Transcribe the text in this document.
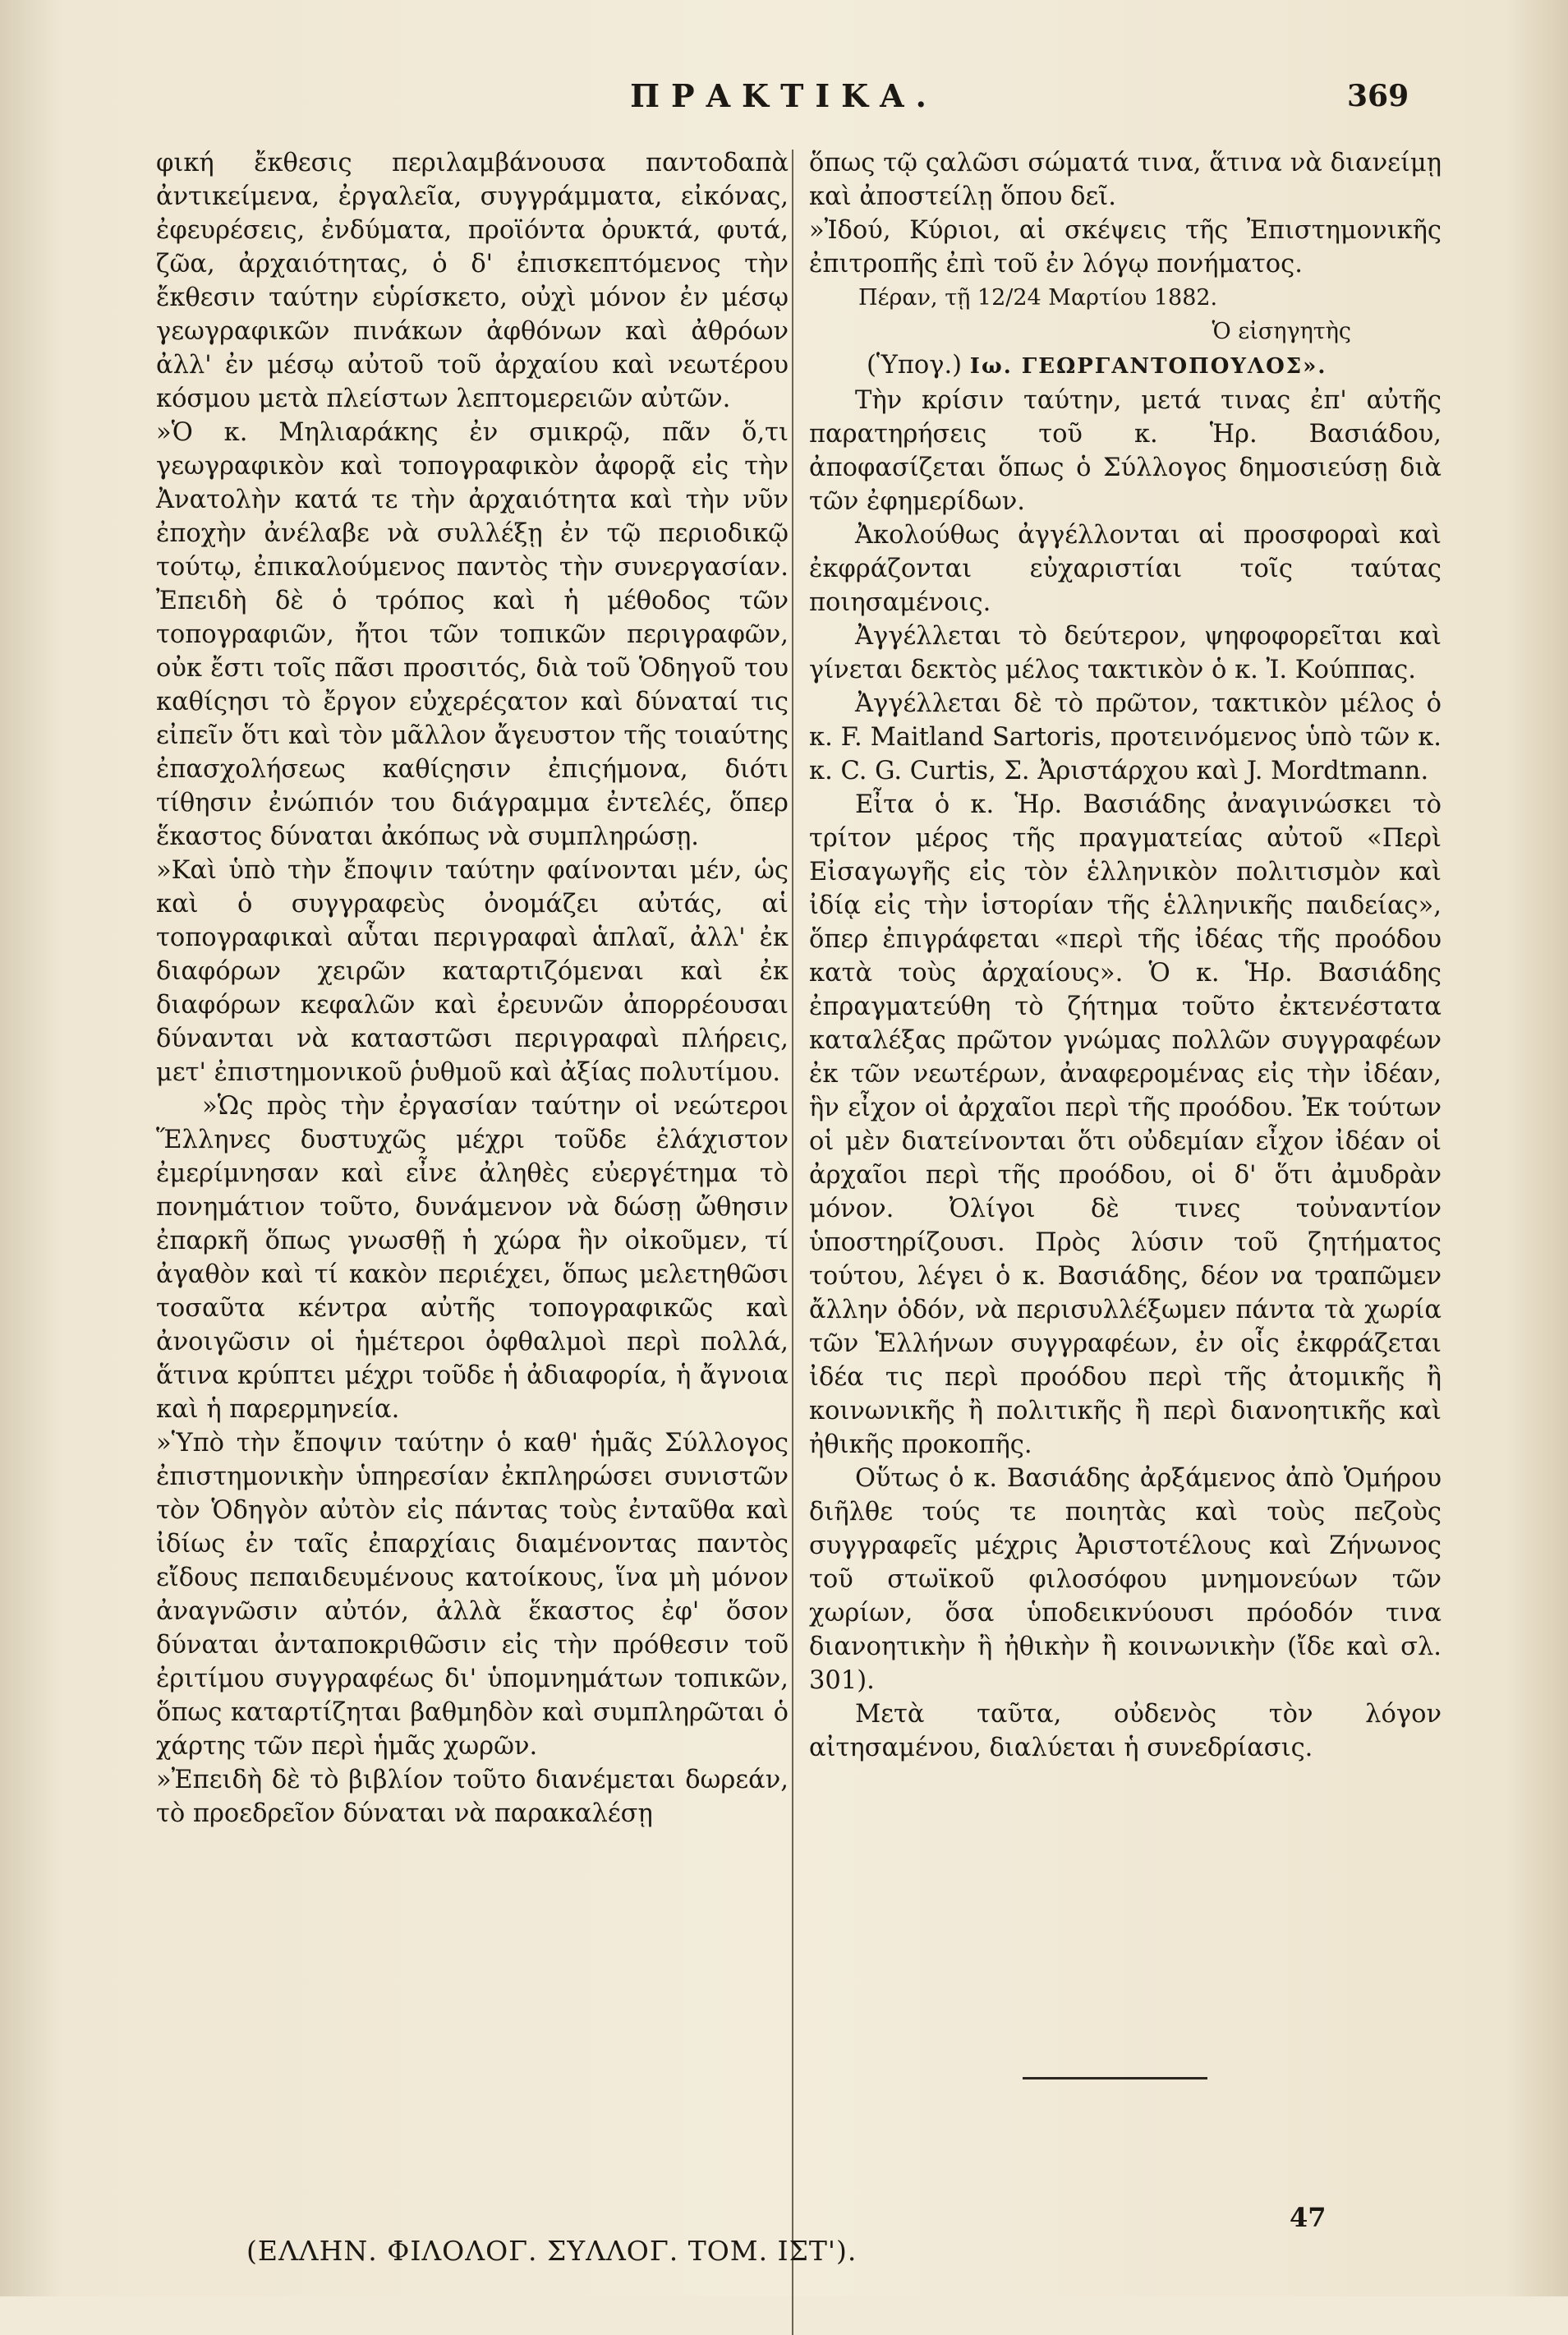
ΠΡΑΚΤΙΚΑ.	369

φική ἔκθεσις περιλαμβάνουσα παντοδαπὰ ἀντικείμενα, ἐργαλεῖα, συγγράμματα, εἰκόνας, ἐφευρέσεις, ἐνδύματα, προϊόντα ὀρυκτά, φυτά, ζῶα, ἀρχαιότητας, ὁ δ' ἐπισκεπτόμενος τὴν ἔκθεσιν ταύτην εὑρίσκετο, οὐχὶ μόνον ἐν μέσῳ γεωγραφικῶν πινάκων ἀφθόνων καὶ ἀθρόων ἀλλ' ἐν μέσῳ αὐτοῦ τοῦ ἀρχαίου καὶ νεωτέρου κόσμου μετὰ πλείστων λεπτομερειῶν αὐτῶν.

»Ὁ κ. Μηλιαράκης ἐν σμικρῷ, πᾶν ὅ,τι γεωγραφικὸν καὶ τοπογραφικὸν ἀφορᾷ εἰς τὴν Ἀνατολὴν κατά τε τὴν ἀρχαιότητα καὶ τὴν νῦν ἐποχὴν ἀνέλαβε νὰ συλλέξῃ ἐν τῷ περιοδικῷ τούτῳ, ἐπικαλούμενος παντὸς τὴν συνεργασίαν. Ἐπειδὴ δὲ ὁ τρόπος καὶ ἡ μέθοδος τῶν τοπογραφιῶν, ἤτοι τῶν τοπικῶν περιγραφῶν, οὐκ ἔστι τοῖς πᾶσι προσιτός, διὰ τοῦ Ὁδηγοῦ του καθίςησι τὸ ἔργον εὐχερέςατον καὶ δύναταί τις εἰπεῖν ὅτι καὶ τὸν μᾶλλον ἄγευστον τῆς τοιαύτης ἐπασχολήσεως καθίςησιν ἐπιςήμονα, διότι τίθησιν ἐνώπιόν του διάγραμμα ἐντελές, ὅπερ ἕκαστος δύναται ἀκόπως νὰ συμπληρώσῃ.

»Καὶ ὑπὸ τὴν ἔποψιν ταύτην φαίνονται μέν, ὡς καὶ ὁ συγγραφεὺς ὀνομάζει αὐτάς, αἱ τοπογραφικαὶ αὗται περιγραφαὶ ἁπλαῖ, ἀλλ' ἐκ διαφόρων χειρῶν καταρτιζόμεναι καὶ ἐκ διαφόρων κεφαλῶν καὶ ἐρευνῶν ἀπορρέουσαι δύνανται νὰ καταστῶσι περιγραφαὶ πλήρεις, μετ' ἐπιστημονικοῦ ῥυθμοῦ καὶ ἀξίας πολυτίμου.

»Ὡς πρὸς τὴν ἐργασίαν ταύτην οἱ νεώτεροι Ἕλληνες δυστυχῶς μέχρι τοῦδε ἐλάχιστον ἐμερίμνησαν καὶ εἶνε ἀληθὲς εὐεργέτημα τὸ πονημάτιον τοῦτο, δυνάμενον νὰ δώσῃ ὤθησιν ἐπαρκῆ ὅπως γνωσθῇ ἡ χώρα ἣν οἰκοῦμεν, τί ἀγαθὸν καὶ τί κακὸν περιέχει, ὅπως μελετηθῶσι τοσαῦτα κέντρα αὐτῆς τοπογραφικῶς καὶ ἀνοιγῶσιν οἱ ἡμέτεροι ὀφθαλμοὶ περὶ πολλά, ἅτινα κρύπτει μέχρι τοῦδε ἡ ἀδιαφορία, ἡ ἄγνοια καὶ ἡ παρερμηνεία.

»Ὑπὸ τὴν ἔποψιν ταύτην ὁ καθ' ἡμᾶς Σύλλογος ἐπιστημονικὴν ὑπηρεσίαν ἐκπληρώσει συνιστῶν τὸν Ὁδηγὸν αὐτὸν εἰς πάντας τοὺς ἐνταῦθα καὶ ἰδίως ἐν ταῖς ἐπαρχίαις διαμένοντας παντὸς εἴδους πεπαιδευμένους κατοίκους, ἵνα μὴ μόνον ἀναγνῶσιν αὐτόν, ἀλλὰ ἕκαστος ἐφ' ὅσον δύναται ἀνταποκριθῶσιν εἰς τὴν πρόθεσιν τοῦ ἐριτίμου συγγραφέως δι' ὑπομνημάτων τοπικῶν, ὅπως καταρτίζηται βαθμηδὸν καὶ συμπληρῶται ὁ χάρτης τῶν περὶ ἡμᾶς χωρῶν.

»Ἐπειδὴ δὲ τὸ βιβλίον τοῦτο διανέμεται δωρεάν, τὸ προεδρεῖον δύναται νὰ παρακαλέσῃ

ὅπως τῷ ςαλῶσι σώματά τινα, ἅτινα νὰ διανείμῃ καὶ ἀποστείλῃ ὅπου δεῖ.

»Ἰδού, Κύριοι, αἱ σκέψεις τῆς Ἐπιστημονικῆς ἐπιτροπῆς ἐπὶ τοῦ ἐν λόγῳ πονήματος.

Πέραν, τῇ 12/24 Μαρτίου 1882.

Ὁ εἰσηγητὴς

(Ὑπογ.) Ιω. ΓΕΩΡΓΑΝΤΟΠΟΥΛΟΣ».

Τὴν κρίσιν ταύτην, μετά τινας ἐπ' αὐτῆς παρατηρήσεις τοῦ κ. Ἡρ. Βασιάδου, ἀποφασίζεται ὅπως ὁ Σύλλογος δημοσιεύσῃ διὰ τῶν ἐφημερίδων.

Ἀκολούθως ἀγγέλλονται αἱ προσφοραὶ καὶ ἐκφράζονται εὐχαριστίαι τοῖς ταύτας ποιησαμένοις.

Ἀγγέλλεται τὸ δεύτερον, ψηφοφορεῖται καὶ γίνεται δεκτὸς μέλος τακτικὸν ὁ κ. Ἰ. Κούππας.

Ἀγγέλλεται δὲ τὸ πρῶτον, τακτικὸν μέλος ὁ κ. F. Maitland Sartoris, προτεινόμενος ὑπὸ τῶν κ. κ. C. G. Curtis, Σ. Ἀριστάρχου καὶ J. Mordtmann.

Εἶτα ὁ κ. Ἡρ. Βασιάδης ἀναγινώσκει τὸ τρίτον μέρος τῆς πραγματείας αὐτοῦ «Περὶ Εἰσαγωγῆς εἰς τὸν ἑλληνικὸν πολιτισμὸν καὶ ἰδίᾳ εἰς τὴν ἱστορίαν τῆς ἑλληνικῆς παιδείας», ὅπερ ἐπιγράφεται «περὶ τῆς ἰδέας τῆς προόδου κατὰ τοὺς ἀρχαίους». Ὁ κ. Ἡρ. Βασιάδης ἐπραγματεύθη τὸ ζήτημα τοῦτο ἐκτενέστατα καταλέξας πρῶτον γνώμας πολλῶν συγγραφέων ἐκ τῶν νεωτέρων, ἀναφερομένας εἰς τὴν ἰδέαν, ἣν εἶχον οἱ ἀρχαῖοι περὶ τῆς προόδου. Ἐκ τούτων οἱ μὲν διατείνονται ὅτι οὐδεμίαν εἶχον ἰδέαν οἱ ἀρχαῖοι περὶ τῆς προόδου, οἱ δ' ὅτι ἀμυδρὰν μόνον. Ὀλίγοι δὲ τινες τοὐναντίον ὑποστηρίζουσι. Πρὸς λύσιν τοῦ ζητήματος τούτου, λέγει ὁ κ. Βασιάδης, δέον να τραπῶμεν ἄλλην ὁδόν, νὰ περισυλλέξωμεν πάντα τὰ χωρία τῶν Ἑλλήνων συγγραφέων, ἐν οἷς ἐκφράζεται ἰδέα τις περὶ προόδου περὶ τῆς ἀτομικῆς ἢ κοινωνικῆς ἢ πολιτικῆς ἢ περὶ διανοητικῆς καὶ ἠθικῆς προκοπῆς.

Οὕτως ὁ κ. Βασιάδης ἀρξάμενος ἀπὸ Ὁμήρου διῆλθε τούς τε ποιητὰς καὶ τοὺς πεζοὺς συγγραφεῖς μέχρις Ἀριστοτέλους καὶ Ζήνωνος τοῦ στωϊκοῦ φιλοσόφου μνημονεύων τῶν χωρίων, ὅσα ὑποδεικνύουσι πρόοδόν τινα διανοητικὴν ἢ ἠθικὴν ἢ κοινωνικὴν (ἴδε καὶ σλ. 301).

Μετὰ ταῦτα, οὐδενὸς τὸν λόγον αἰτησαμένου, διαλύεται ἡ συνεδρίασις.

47

(ΕΛΛΗΝ. ΦΙΛΟΛΟΓ. ΣΥΛΛΟΓ. ΤΟΜ. ΙΣΤ').
